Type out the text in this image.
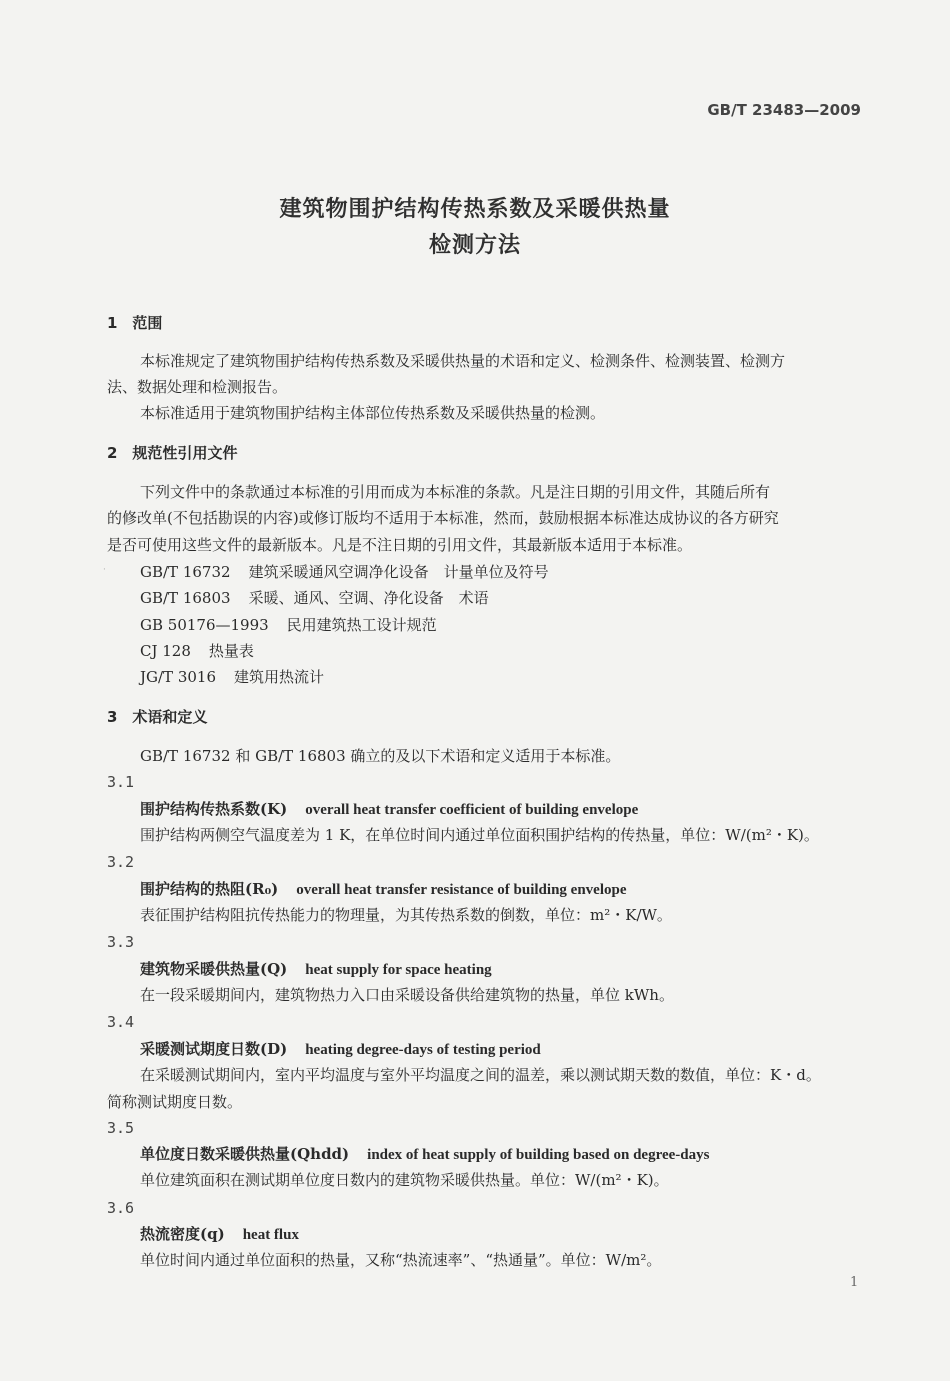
GB/T 23483—2009
建筑物围护结构传热系数及采暖供热量
检测方法
1　范围
本标准规定了建筑物围护结构传热系数及采暖供热量的术语和定义、检测条件、检测装置、检测方
法、数据处理和检测报告。
本标准适用于建筑物围护结构主体部位传热系数及采暖供热量的检测。
2　规范性引用文件
下列文件中的条款通过本标准的引用而成为本标准的条款。凡是注日期的引用文件，其随后所有
的修改单(不包括勘误的内容)或修订版均不适用于本标准，然而，鼓励根据本标准达成协议的各方研究
是否可使用这些文件的最新版本。凡是不注日期的引用文件，其最新版本适用于本标准。
· GB/T 16732 建筑采暖通风空调净化设备　计量单位及符号
GB/T 16803 采暖、通风、空调、净化设备　术语
GB 50176—1993 民用建筑热工设计规范
CJ 128 热量表
JG/T 3016 建筑用热流计
3　术语和定义
GB/T 16732 和 GB/T 16803 确立的及以下术语和定义适用于本标准。
3.1
围护结构传热系数(K) overall heat transfer coefficient of building envelope
围护结构两侧空气温度差为 1 K，在单位时间内通过单位面积围护结构的传热量，单位：W/(m²・K)。
3.2
围护结构的热阻(R₀) overall heat transfer resistance of building envelope
表征围护结构阻抗传热能力的物理量，为其传热系数的倒数，单位：m²・K/W。
3.3
建筑物采暖供热量(Q) heat supply for space heating
在一段采暖期间内，建筑物热力入口由采暖设备供给建筑物的热量，单位 kWh。
3.4
采暖测试期度日数(D) heating degree-days of testing period
在采暖测试期间内，室内平均温度与室外平均温度之间的温差，乘以测试期天数的数值，单位：K・d。
简称测试期度日数。
3.5
单位度日数采暖供热量(Qhdd) index of heat supply of building based on degree-days
单位建筑面积在测试期单位度日数内的建筑物采暖供热量。单位：W/(m²・K)。
3.6
热流密度(q) heat flux
单位时间内通过单位面积的热量，又称“热流速率”、“热通量”。单位：W/m²。
1
